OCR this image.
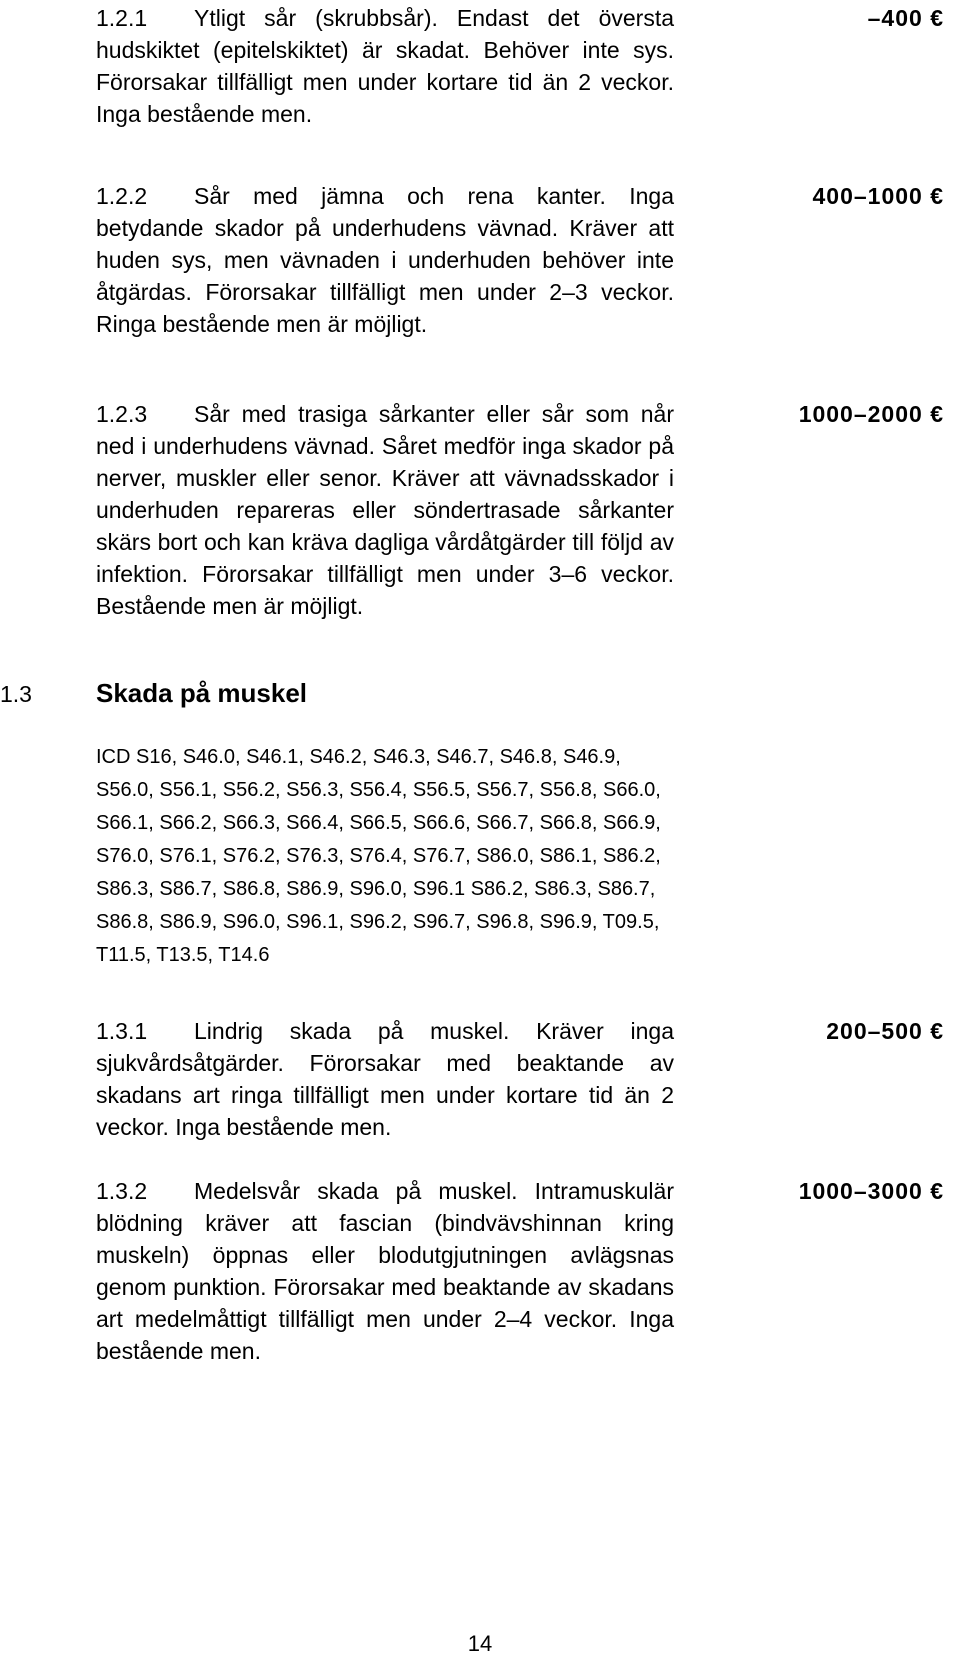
1.2.1 Ytligt sår (skrubbsår). Endast det översta hudskiktet (epitelskiktet) är skadat. Behöver inte sys. Förorsakar tillfälligt men under kortare tid än 2 veckor. Inga bestående men.
–400 €
1.2.2 Sår med jämna och rena kanter. Inga betydande skador på underhudens vävnad. Kräver att huden sys, men vävnaden i underhuden behöver inte åtgärdas. Förorsakar tillfälligt men under 2–3 veckor. Ringa bestående men är möjligt.
400–1000 €
1.2.3 Sår med trasiga sårkanter eller sår som når ned i underhudens vävnad. Såret medför inga skador på nerver, muskler eller senor. Kräver att vävnadsskador i underhuden repareras eller söndertrasade sårkanter skärs bort och kan kräva dagliga vårdåtgärder till följd av infektion. Förorsakar tillfälligt men under 3–6 veckor. Bestående men är möjligt.
1000–2000 €
1.3 Skada på muskel
ICD S16, S46.0, S46.1, S46.2, S46.3, S46.7, S46.8, S46.9, S56.0, S56.1, S56.2, S56.3, S56.4, S56.5, S56.7, S56.8, S66.0, S66.1, S66.2, S66.3, S66.4, S66.5, S66.6, S66.7, S66.8, S66.9, S76.0, S76.1, S76.2, S76.3, S76.4, S76.7, S86.0, S86.1, S86.2, S86.3, S86.7, S86.8, S86.9, S96.0, S96.1 S86.2, S86.3, S86.7, S86.8, S86.9, S96.0, S96.1, S96.2, S96.7, S96.8, S96.9, T09.5, T11.5, T13.5, T14.6
1.3.1 Lindrig skada på muskel. Kräver inga sjukvårdsåtgärder. Förorsakar med beaktande av skadans art ringa tillfälligt men under kortare tid än 2 veckor. Inga bestående men.
200–500 €
1.3.2 Medelsvår skada på muskel. Intramuskulär blödning kräver att fascian (bindvävshinnan kring muskeln) öppnas eller blodutgjutningen avlägsnas genom punktion. Förorsakar med beaktande av skadans art medelmåttigt tillfälligt men under 2–4 veckor. Inga bestående men.
1000–3000 €
14
